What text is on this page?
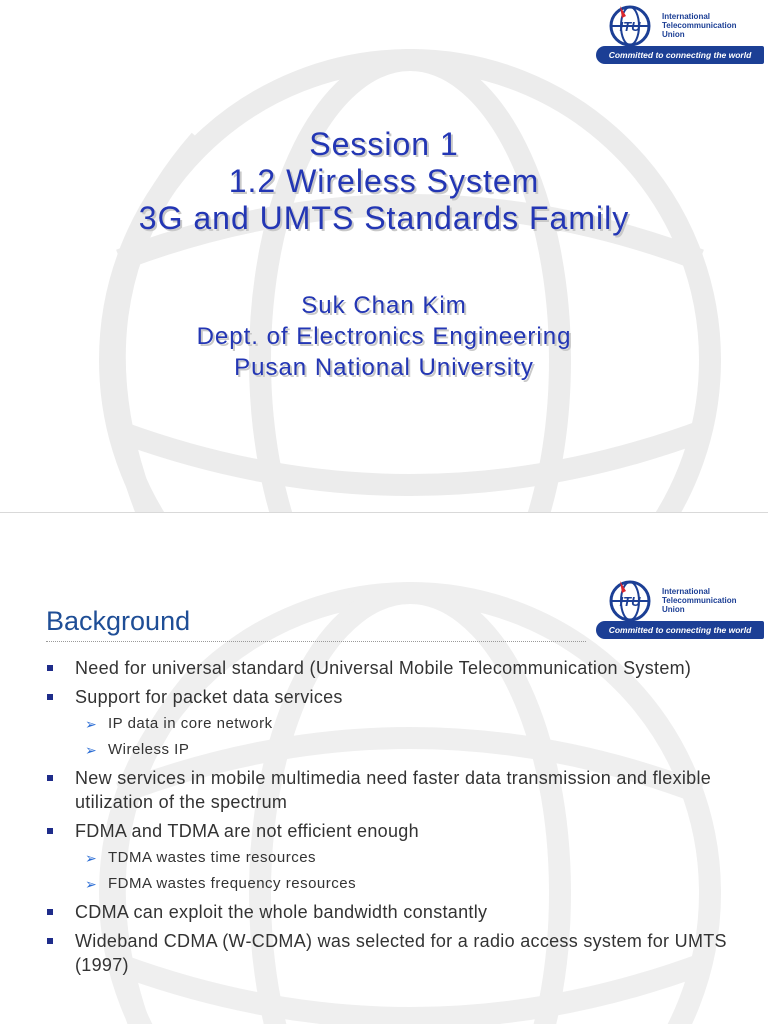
ITU
International
Telecommunication
Union
Committed to connecting the world
Session 1
1.2 Wireless System
3G and UMTS Standards Family
Suk Chan Kim
Dept. of Electronics Engineering
Pusan National University
ITU
International
Telecommunication
Union
Committed to connecting the world
Background
Need for universal standard (Universal Mobile Telecommunication System)
Support for packet data services
➢ IP data in core network
➢ Wireless IP
New services in mobile multimedia need faster data transmission and flexible utilization of the spectrum
FDMA and TDMA are not efficient enough
➢ TDMA wastes time resources
➢ FDMA wastes frequency resources
CDMA can exploit the whole bandwidth constantly
Wideband CDMA (W-CDMA) was selected for a radio access system for UMTS (1997)
